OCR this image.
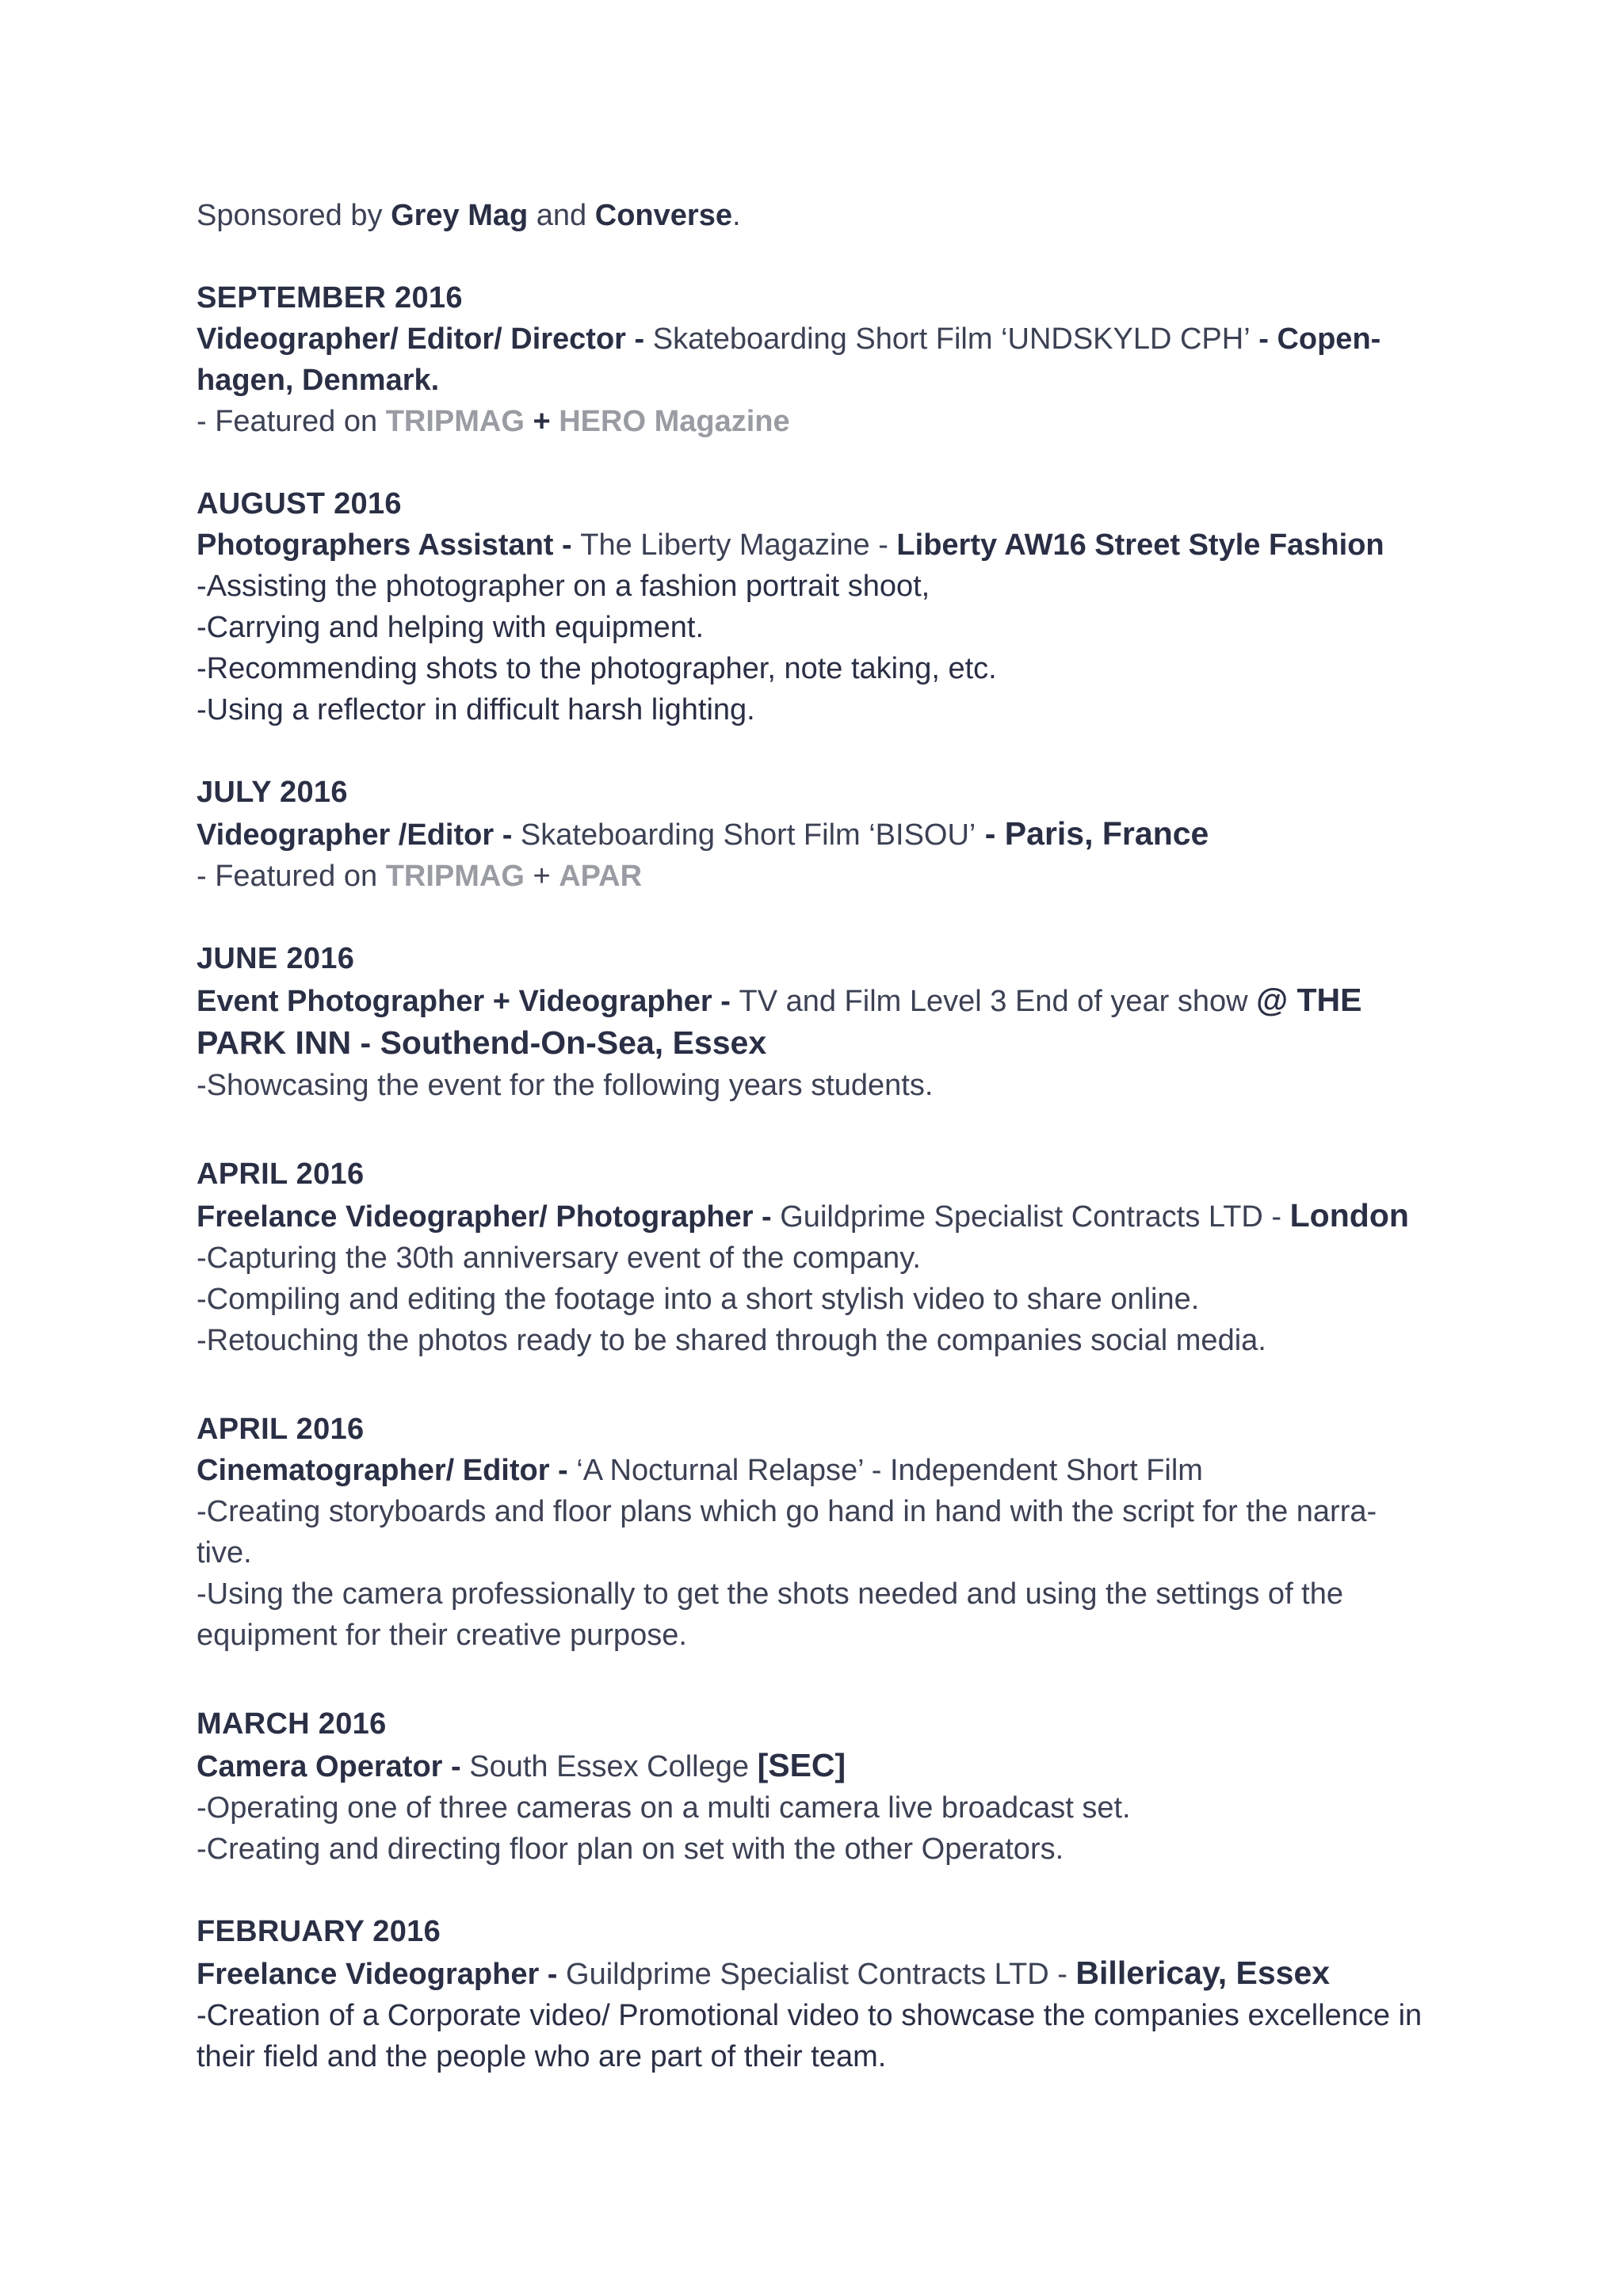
Sponsored by Grey Mag and Converse.

SEPTEMBER 2016

Videographer/ Editor/ Director - Skateboarding Short Film ‘UNDSKYLD CPH’ - Copen- hagen, Denmark.

- Featured on TRIPMAG + HERO Magazine

AUGUST 2016

Photographers Assistant - The Liberty Magazine - Liberty AW16 Street Style Fashion

-Assisting the photographer on a fashion portrait shoot,

-Carrying and helping with equipment.

-Recommending shots to the photographer, note taking, etc.

-Using a reflector in difficult harsh lighting.

JULY 2016

Videographer /Editor - Skateboarding Short Film ‘BISOU’ - Paris, France

- Featured on TRIPMAG + APAR

JUNE 2016

Event Photographer + Videographer - TV and Film Level 3 End of year show @ THE PARK INN - Southend-On-Sea, Essex

-Showcasing the event for the following years students.

APRIL 2016

Freelance Videographer/ Photographer - Guildprime Specialist Contracts LTD - London

-Capturing the 30th anniversary event of the company.

-Compiling and editing the footage into a short stylish video to share online.

-Retouching the photos ready to be shared through the companies social media.

APRIL 2016

Cinematographer/ Editor - ‘A Nocturnal Relapse’ - Independent Short Film

-Creating storyboards and floor plans which go hand in hand with the script for the narra- tive.

-Using the camera professionally to get the shots needed and using the settings of the equipment for their creative purpose.

MARCH 2016

Camera Operator - South Essex College [SEC]

-Operating one of three cameras on a multi camera live broadcast set.

-Creating and directing floor plan on set with the other Operators.

FEBRUARY 2016

Freelance Videographer - Guildprime Specialist Contracts LTD - Billericay, Essex

-Creation of a Corporate video/ Promotional video to showcase the companies excellence in their field and the people who are part of their team.
